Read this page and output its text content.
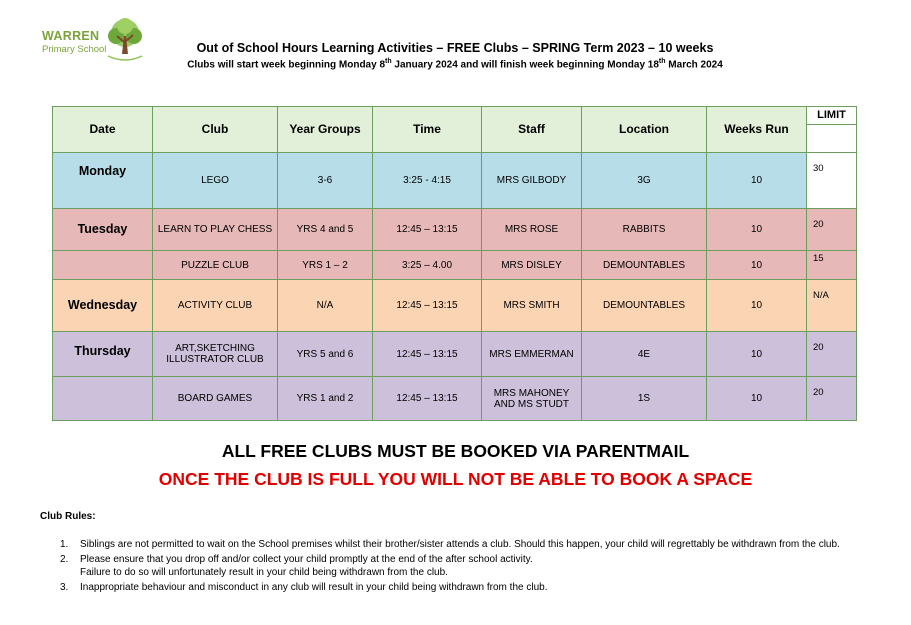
WARREN
Primary School	Out of School Hours Learning Activities – FREE Clubs – SPRING Term 2023 – 10 weeks
Clubs will start week beginning Monday 8th January 2024 and will finish week beginning Monday 18th March 2024
Date	Club	Year Groups	Time	Staff	Location	Weeks Run	LIMIT

Monday	LEGO	3-6	3:25 - 4:15	MRS GILBODY	3G	10	30
Tuesday	LEARN TO PLAY CHESS	YRS 4 and 5	12:45 – 13:15	MRS ROSE	RABBITS	10	20
	PUZZLE CLUB	YRS 1 – 2	3:25 – 4.00	MRS DISLEY	DEMOUNTABLES	10	15
Wednesday	ACTIVITY CLUB	N/A	12:45 – 13:15	MRS SMITH	DEMOUNTABLES	10	N/A
Thursday	ART,SKETCHING ILLUSTRATOR CLUB	YRS 5 and 6	12:45 – 13:15	MRS EMMERMAN	4E	10	20
	BOARD GAMES	YRS 1 and 2	12:45 – 13:15	MRS MAHONEY AND MS STUDT	1S	10	20
ALL FREE CLUBS MUST BE BOOKED VIA PARENTMAIL
ONCE THE CLUB IS FULL YOU WILL NOT BE ABLE TO BOOK A SPACE
Club Rules:
1. Siblings are not permitted to wait on the School premises whilst their brother/sister attends a club. Should this happen, your child will regrettably be withdrawn from the club.
2. Please ensure that you drop off and/or collect your child promptly at the end of the after school activity.
Failure to do so will unfortunately result in your child being withdrawn from the club.
3. Inappropriate behaviour and misconduct in any club will result in your child being withdrawn from the club.
